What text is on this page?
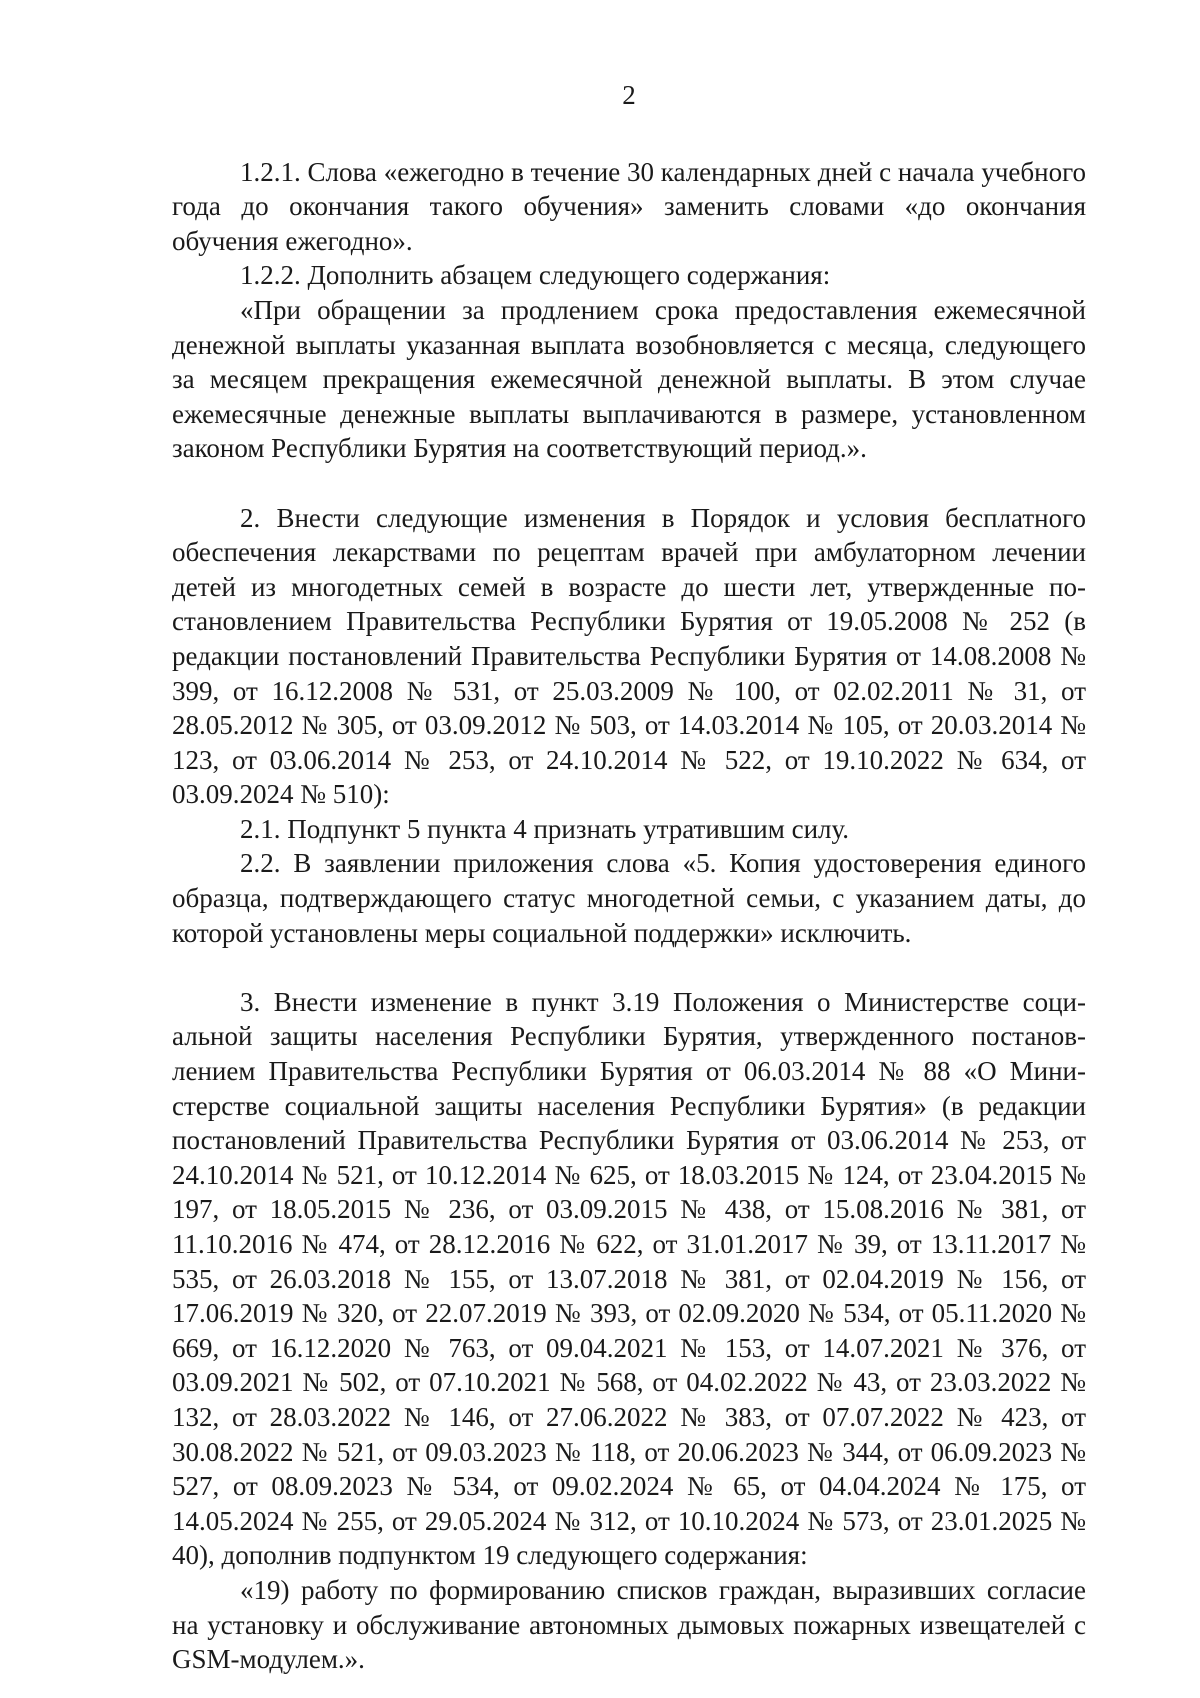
2

1.2.1. Слова «ежегодно в течение 30 календарных дней с начала учебного года до окончания такого обучения» заменить словами «до окончания обучения ежегодно».

1.2.2. Дополнить абзацем следующего содержания:

«При обращении за продлением срока предоставления ежемесячной денежной выплаты указанная выплата возобновляется с месяца, следующего за месяцем прекращения ежемесячной денежной выплаты. В этом случае ежемесячные денежные выплаты выплачиваются в размере, установленном законом Республики Бурятия на соответствующий период.».

2. Внести следующие изменения в Порядок и условия бесплатного обеспечения лекарствами по рецептам врачей при амбулаторном лечении детей из многодетных семей в возрасте до шести лет, утвержденные постановлением Правительства Республики Бурятия от 19.05.2008 № 252 (в редакции постановлений Правительства Республики Бурятия от 14.08.2008 № 399, от 16.12.2008 № 531, от 25.03.2009 № 100, от 02.02.2011 № 31, от 28.05.2012 № 305, от 03.09.2012 № 503, от 14.03.2014 № 105, от 20.03.2014 № 123, от 03.06.2014 № 253, от 24.10.2014 № 522, от 19.10.2022 № 634, от 03.09.2024 № 510):

2.1. Подпункт 5 пункта 4 признать утратившим силу.

2.2. В заявлении приложения слова «5. Копия удостоверения единого образца, подтверждающего статус многодетной семьи, с указанием даты, до которой установлены меры социальной поддержки» исключить.

3. Внести изменение в пункт 3.19 Положения о Министерстве социальной защиты населения Республики Бурятия, утвержденного постановлением Правительства Республики Бурятия от 06.03.2014 № 88 «О Министерстве социальной защиты населения Республики Бурятия» (в редакции постановлений Правительства Республики Бурятия от 03.06.2014 № 253, от 24.10.2014 № 521, от 10.12.2014 № 625, от 18.03.2015 № 124, от 23.04.2015 № 197, от 18.05.2015 № 236, от 03.09.2015 № 438, от 15.08.2016 № 381, от 11.10.2016 № 474, от 28.12.2016 № 622, от 31.01.2017 № 39, от 13.11.2017 № 535, от 26.03.2018 № 155, от 13.07.2018 № 381, от 02.04.2019 № 156, от 17.06.2019 № 320, от 22.07.2019 № 393, от 02.09.2020 № 534, от 05.11.2020 № 669, от 16.12.2020 № 763, от 09.04.2021 № 153, от 14.07.2021 № 376, от 03.09.2021 № 502, от 07.10.2021 № 568, от 04.02.2022 № 43, от 23.03.2022 № 132, от 28.03.2022 № 146, от 27.06.2022 № 383, от 07.07.2022 № 423, от 30.08.2022 № 521, от 09.03.2023 № 118, от 20.06.2023 № 344, от 06.09.2023 № 527, от 08.09.2023 № 534, от 09.02.2024 № 65, от 04.04.2024 № 175, от 14.05.2024 № 255, от 29.05.2024 № 312, от 10.10.2024 № 573, от 23.01.2025 № 40), дополнив подпунктом 19 следующего содержания:

«19) работу по формированию списков граждан, выразивших согласие на установку и обслуживание автономных дымовых пожарных извещателей с GSM-модулем.».
